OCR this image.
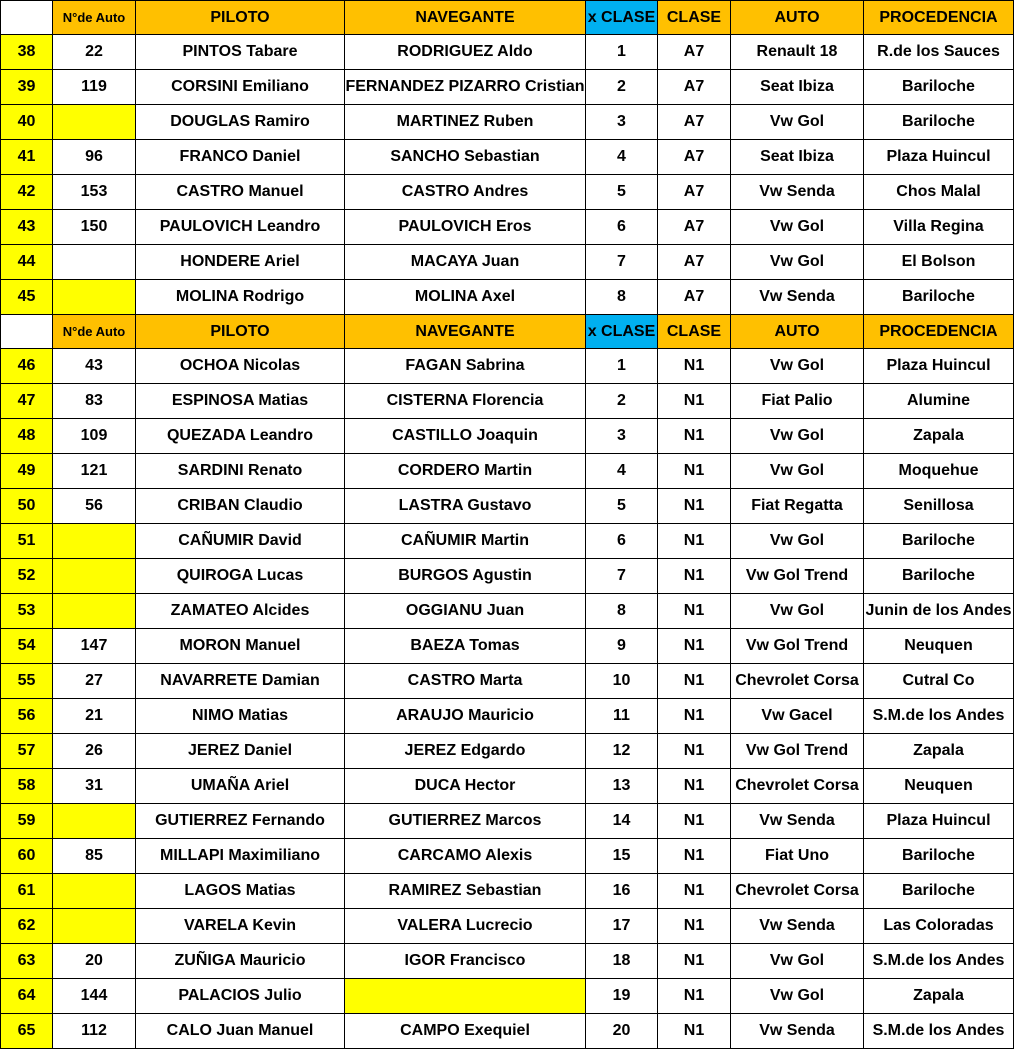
	N°de Auto	PILOTO	NAVEGANTE	x CLASE	CLASE	AUTO	PROCEDENCIA
38	22	PINTOS Tabare	RODRIGUEZ Aldo	1	A7	Renault 18	R.de los Sauces
39	119	CORSINI Emiliano	FERNANDEZ PIZARRO Cristian	2	A7	Seat Ibiza	Bariloche
40		DOUGLAS Ramiro	MARTINEZ Ruben	3	A7	Vw Gol	Bariloche
41	96	FRANCO Daniel	SANCHO Sebastian	4	A7	Seat Ibiza	Plaza Huincul
42	153	CASTRO Manuel	CASTRO Andres	5	A7	Vw Senda	Chos Malal
43	150	PAULOVICH Leandro	PAULOVICH Eros	6	A7	Vw Gol	Villa Regina
44		HONDERE Ariel	MACAYA Juan	7	A7	Vw Gol	El Bolson
45		MOLINA Rodrigo	MOLINA Axel	8	A7	Vw Senda	Bariloche
	N°de Auto	PILOTO	NAVEGANTE	x CLASE	CLASE	AUTO	PROCEDENCIA
46	43	OCHOA Nicolas	FAGAN Sabrina	1	N1	Vw Gol	Plaza Huincul
47	83	ESPINOSA Matias	CISTERNA Florencia	2	N1	Fiat Palio	Alumine
48	109	QUEZADA Leandro	CASTILLO Joaquin	3	N1	Vw Gol	Zapala
49	121	SARDINI Renato	CORDERO Martin	4	N1	Vw Gol	Moquehue
50	56	CRIBAN Claudio	LASTRA Gustavo	5	N1	Fiat Regatta	Senillosa
51		CAÑUMIR David	CAÑUMIR Martin	6	N1	Vw Gol	Bariloche
52		QUIROGA Lucas	BURGOS Agustin	7	N1	Vw Gol Trend	Bariloche
53		ZAMATEO Alcides	OGGIANU Juan	8	N1	Vw Gol	Junin de los Andes
54	147	MORON Manuel	BAEZA Tomas	9	N1	Vw Gol Trend	Neuquen
55	27	NAVARRETE Damian	CASTRO Marta	10	N1	Chevrolet Corsa	Cutral Co
56	21	NIMO Matias	ARAUJO Mauricio	11	N1	Vw Gacel	S.M.de los Andes
57	26	JEREZ Daniel	JEREZ Edgardo	12	N1	Vw Gol Trend	Zapala
58	31	UMAÑA Ariel	DUCA Hector	13	N1	Chevrolet Corsa	Neuquen
59		GUTIERREZ Fernando	GUTIERREZ Marcos	14	N1	Vw Senda	Plaza Huincul
60	85	MILLAPI Maximiliano	CARCAMO Alexis	15	N1	Fiat Uno	Bariloche
61		LAGOS Matias	RAMIREZ Sebastian	16	N1	Chevrolet Corsa	Bariloche
62		VARELA Kevin	VALERA Lucrecio	17	N1	Vw Senda	Las Coloradas
63	20	ZUÑIGA Mauricio	IGOR Francisco	18	N1	Vw Gol	S.M.de los Andes
64	144	PALACIOS Julio		19	N1	Vw Gol	Zapala
65	112	CALO Juan Manuel	CAMPO Exequiel	20	N1	Vw Senda	S.M.de los Andes
